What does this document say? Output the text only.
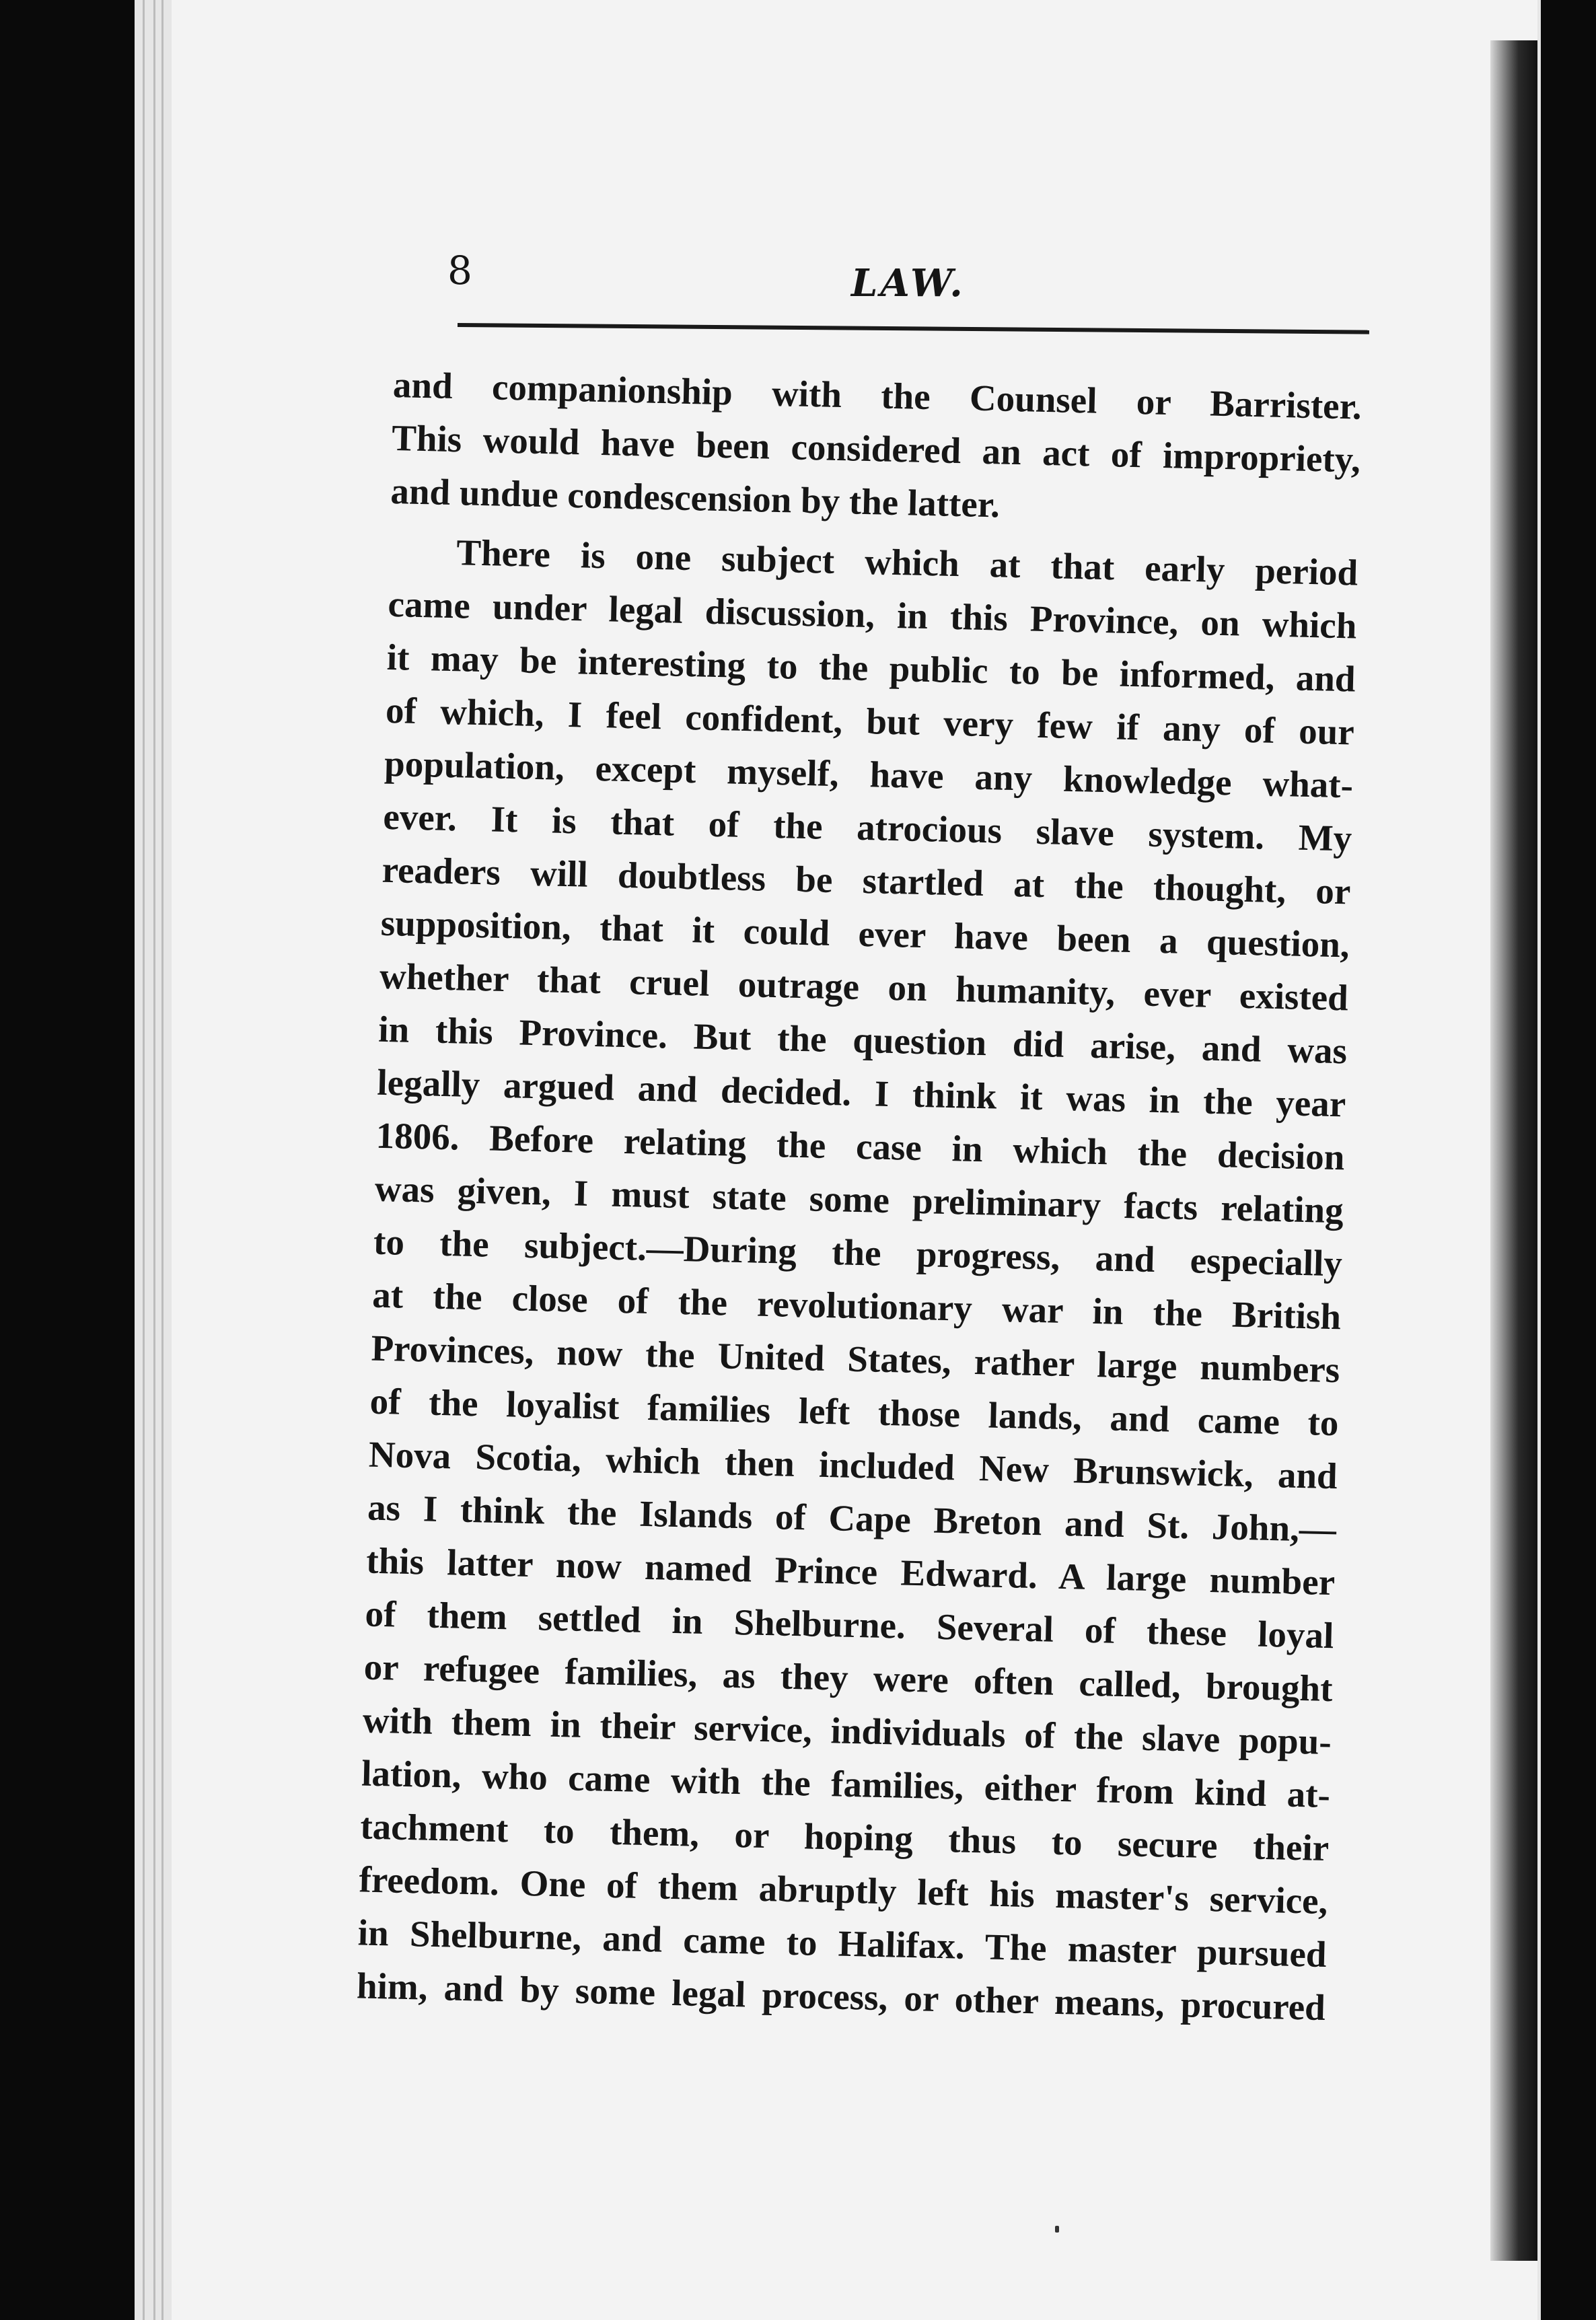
8	LAW.
and companionship with the Counsel or Barrister.
This would have been considered an act of impropriety,
and undue condescension by the latter.
There is one subject which at that early period
came under legal discussion, in this Province, on which
it may be interesting to the public to be informed, and
of which, I feel confident, but very few if any of our
population, except myself, have any knowledge what-
ever. It is that of the atrocious slave system. My
readers will doubtless be startled at the thought, or
supposition, that it could ever have been a question,
whether that cruel outrage on humanity, ever existed
in this Province. But the question did arise, and was
legally argued and decided. I think it was in the year
1806. Before relating the case in which the decision
was given, I must state some preliminary facts relating
to the subject.—During the progress, and especially
at the close of the revolutionary war in the British
Provinces, now the United States, rather large numbers
of the loyalist families left those lands, and came to
Nova Scotia, which then included New Brunswick, and
as I think the Islands of Cape Breton and St. John,—
this latter now named Prince Edward. A large number
of them settled in Shelburne. Several of these loyal
or refugee families, as they were often called, brought
with them in their service, individuals of the slave popu-
lation, who came with the families, either from kind at-
tachment to them, or hoping thus to secure their
freedom. One of them abruptly left his master's service,
in Shelburne, and came to Halifax. The master pursued
him, and by some legal process, or other means, procured
